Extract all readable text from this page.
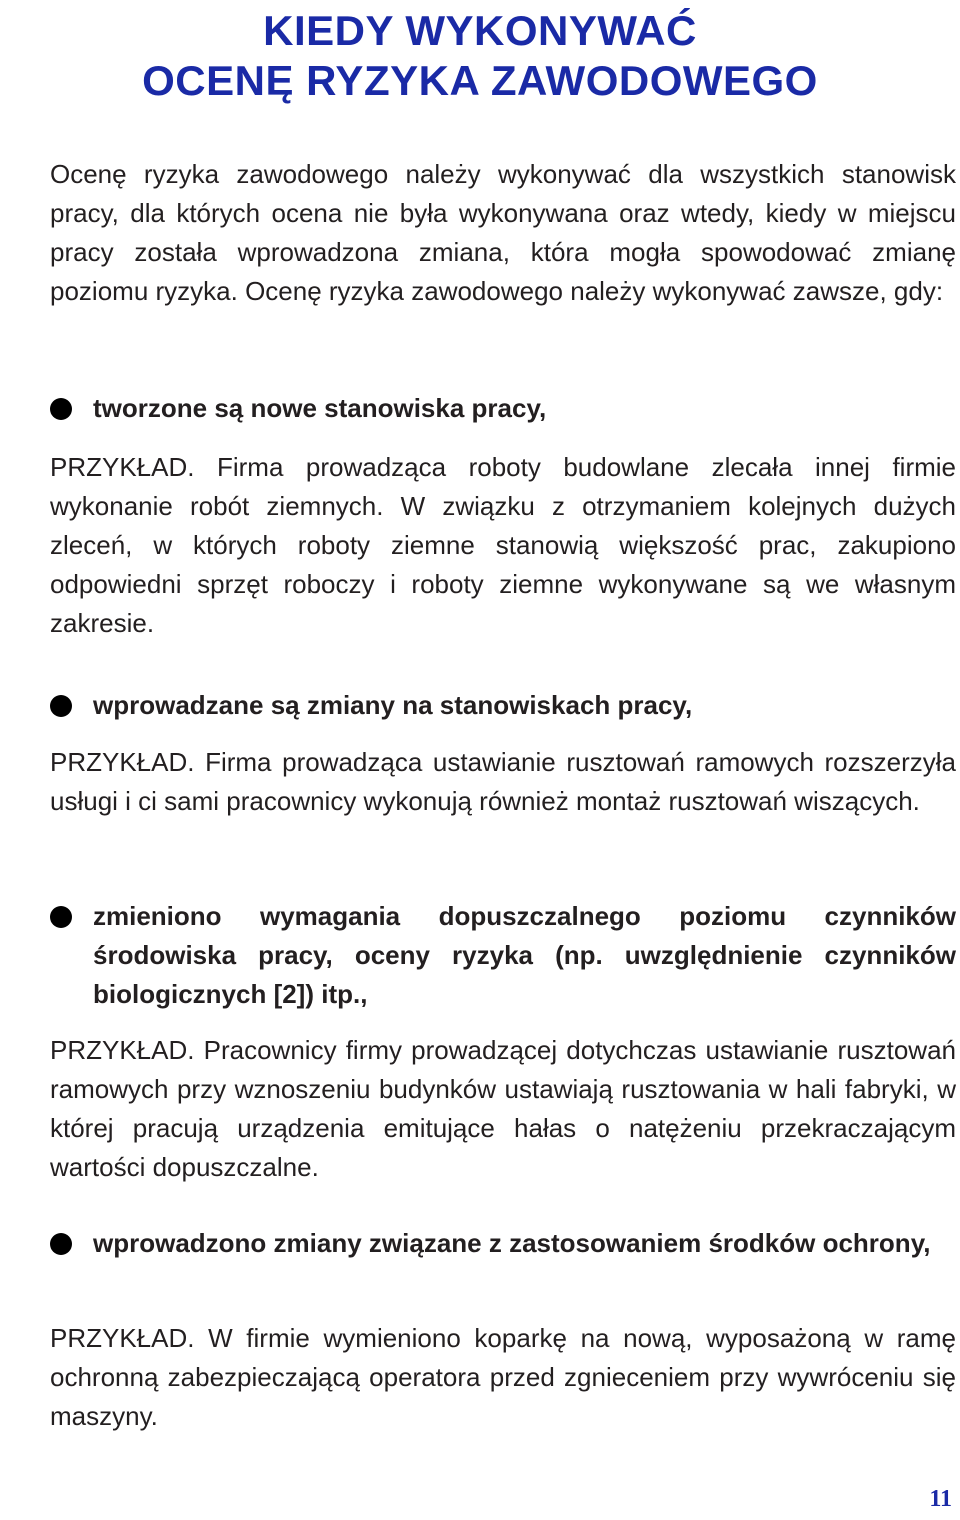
KIEDY WYKONYWAĆ
OCENĘ RYZYKA ZAWODOWEGO

Ocenę ryzyka zawodowego należy wykonywać dla wszystkich stanowisk pracy, dla których ocena nie była wykonywana oraz wtedy, kiedy w miejscu pracy została wprowadzona zmiana, która mogła spowodować zmianę poziomu ryzyka. Ocenę ryzyka zawodowego należy wykonywać zawsze, gdy:

tworzone są nowe stanowiska pracy,

PRZYKŁAD. Firma prowadząca roboty budowlane zlecała innej firmie wykonanie robót ziemnych. W związku z otrzymaniem kolejnych dużych zleceń, w których roboty ziemne stanowią większość prac, zakupiono odpowiedni sprzęt roboczy i roboty ziemne wykonywane są we własnym zakresie.

wprowadzane są zmiany na stanowiskach pracy,

PRZYKŁAD. Firma prowadząca ustawianie rusztowań ramowych rozszerzyła usługi i ci sami pracownicy wykonują również montaż rusztowań wiszących.

zmieniono wymagania dopuszczalnego poziomu czynników środowiska pracy, oceny ryzyka (np. uwzględnienie czynników biologicznych [2]) itp.,

PRZYKŁAD. Pracownicy firmy prowadzącej dotychczas ustawianie rusztowań ramowych przy wznoszeniu budynków ustawiają rusztowania w hali fabryki, w której pracują urządzenia emitujące hałas o natężeniu przekraczającym wartości dopuszczalne.

wprowadzono zmiany związane z zastosowaniem środków ochrony,

PRZYKŁAD. W firmie wymieniono koparkę na nową, wyposażoną w ramę ochronną zabezpieczającą operatora przed zgnieceniem przy wywróceniu się maszyny.

11
